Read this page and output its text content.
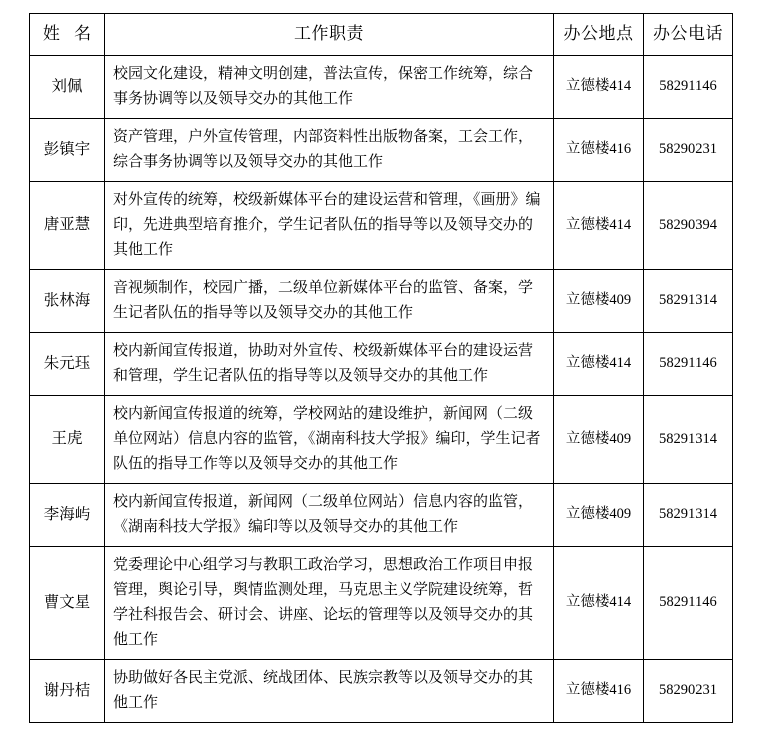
姓 名	工作职责	办公地点	办公电话
刘佩	校园文化建设，精神文明创建，普法宣传，保密工作统筹，综合事务协调等以及领导交办的其他工作	立德楼414	58291146
彭镇宇	资产管理，户外宣传管理，内部资料性出版物备案，工会工作，综合事务协调等以及领导交办的其他工作	立德楼416	58290231
唐亚慧	对外宣传的统筹，校级新媒体平台的建设运营和管理，《画册》编印，先进典型培育推介，学生记者队伍的指导等以及领导交办的其他工作	立德楼414	58290394
张林海	音视频制作，校园广播，二级单位新媒体平台的监管、备案，学生记者队伍的指导等以及领导交办的其他工作	立德楼409	58291314
朱元珏	校内新闻宣传报道，协助对外宣传、校级新媒体平台的建设运营和管理，学生记者队伍的指导等以及领导交办的其他工作	立德楼414	58291146
王虎	校内新闻宣传报道的统筹，学校网站的建设维护，新闻网（二级单位网站）信息内容的监管，《湖南科技大学报》编印，学生记者队伍的指导工作等以及领导交办的其他工作	立德楼409	58291314
李海屿	校内新闻宣传报道，新闻网（二级单位网站）信息内容的监管，《湖南科技大学报》编印等以及领导交办的其他工作	立德楼409	58291314
曹文星	党委理论中心组学习与教职工政治学习，思想政治工作项目申报管理，舆论引导，舆情监测处理，马克思主义学院建设统筹，哲学社科报告会、研讨会、讲座、论坛的管理等以及领导交办的其他工作	立德楼414	58291146
谢丹桔	协助做好各民主党派、统战团体、民族宗教等以及领导交办的其他工作	立德楼416	58290231
